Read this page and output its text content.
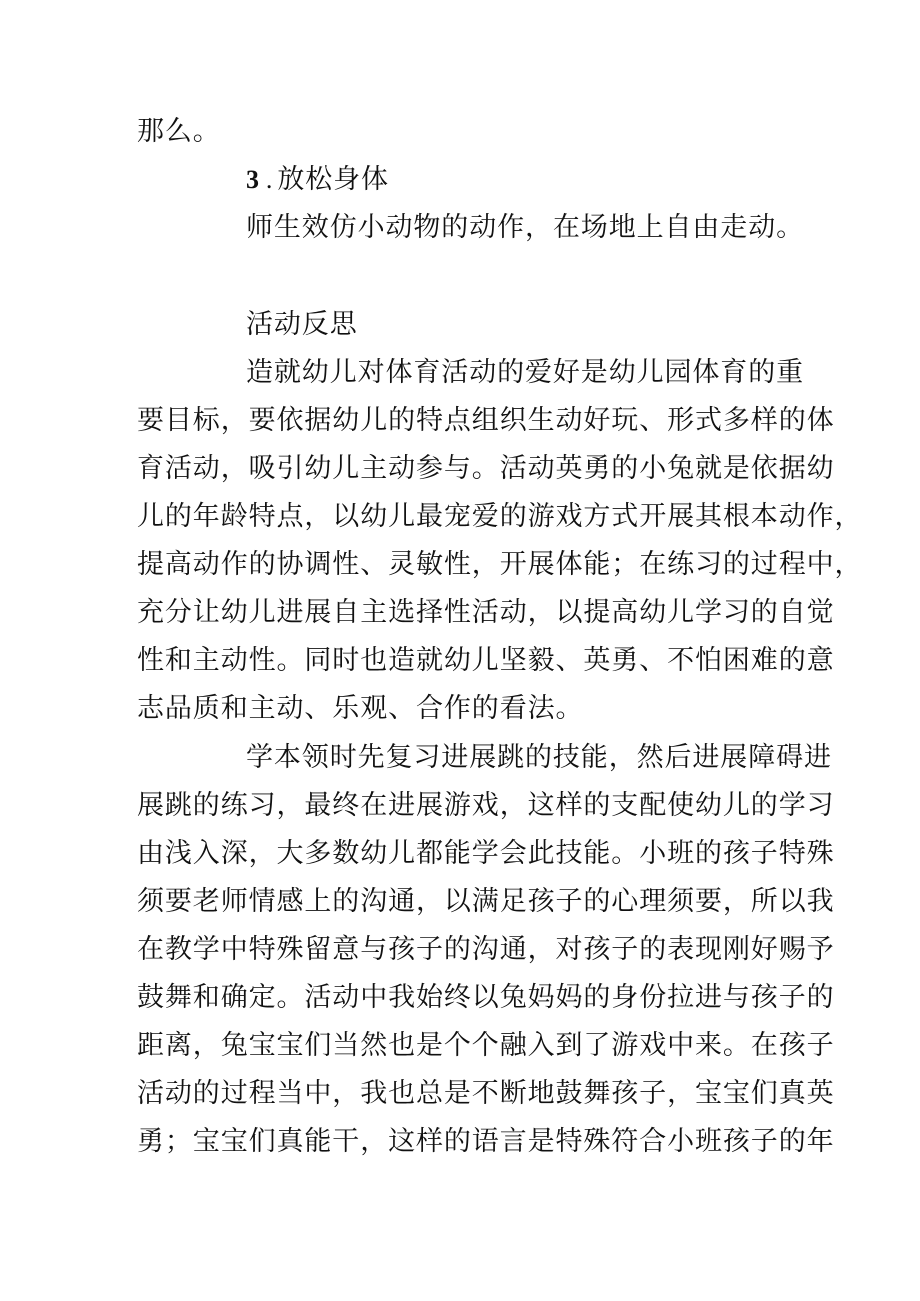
那么。
3 . 放松身体
师生效仿小动物的动作，在场地上自由走动。
活动反思
造就幼儿对体育活动的爱好是幼儿园体育的重
要目标，要依据幼儿的特点组织生动好玩、形式多样的体
育活动，吸引幼儿主动参与。活动英勇的小兔就是依据幼
儿的年龄特点，以幼儿最宠爱的游戏方式开展其根本动作，
提高动作的协调性、灵敏性，开展体能；在练习的过程中，
充分让幼儿进展自主选择性活动，以提高幼儿学习的自觉
性和主动性。同时也造就幼儿坚毅、英勇、不怕困难的意
志品质和主动、乐观、合作的看法。
学本领时先复习进展跳的技能，然后进展障碍进
展跳的练习，最终在进展游戏，这样的支配使幼儿的学习
由浅入深，大多数幼儿都能学会此技能。小班的孩子特殊
须要老师情感上的沟通，以满足孩子的心理须要，所以我
在教学中特殊留意与孩子的沟通，对孩子的表现刚好赐予
鼓舞和确定。活动中我始终以兔妈妈的身份拉进与孩子的
距离，兔宝宝们当然也是个个融入到了游戏中来。在孩子
活动的过程当中，我也总是不断地鼓舞孩子，宝宝们真英
勇；宝宝们真能干，这样的语言是特殊符合小班孩子的年
